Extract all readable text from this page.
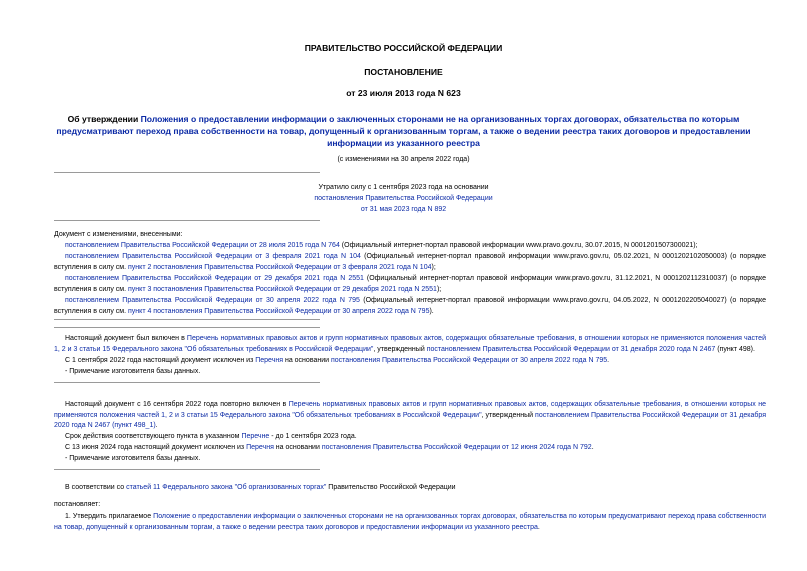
ПРАВИТЕЛЬСТВО РОССИЙСКОЙ ФЕДЕРАЦИИ
ПОСТАНОВЛЕНИЕ
от 23 июля 2013 года N 623
Об утверждении Положения о предоставлении информации о заключенных сторонами не на организованных торгах договорах, обязательства по которым предусматривают переход права собственности на товар, допущенный к организованным торгам, а также о ведении реестра таких договоров и предоставлении информации из указанного реестра
(с изменениями на 30 апреля 2022 года)
Утратило силу с 1 сентября 2023 года на основании
постановления Правительства Российской Федерации
от 31 мая 2023 года N 892
Документ с изменениями, внесенными:
постановлением Правительства Российской Федерации от 28 июля 2015 года N 764 (Официальный интернет-портал правовой информации www.pravo.gov.ru, 30.07.2015, N 0001201507300021);
постановлением Правительства Российской Федерации от 3 февраля 2021 года N 104 (Официальный интернет-портал правовой информации www.pravo.gov.ru, 05.02.2021, N 0001202102050003) (о порядке вступления в силу см. пункт 2 постановления Правительства Российской Федерации от 3 февраля 2021 года N 104);
постановлением Правительства Российской Федерации от 29 декабря 2021 года N 2551 (Официальный интернет-портал правовой информации www.pravo.gov.ru, 31.12.2021, N 0001202112310037) (о порядке вступления в силу см. пункт 3 постановления Правительства Российской Федерации от 29 декабря 2021 года N 2551);
постановлением Правительства Российской Федерации от 30 апреля 2022 года N 795 (Официальный интернет-портал правовой информации www.pravo.gov.ru, 04.05.2022, N 0001202205040027) (о порядке вступления в силу см. пункт 4 постановления Правительства Российской Федерации от 30 апреля 2022 года N 795).
Настоящий документ был включен в Перечень нормативных правовых актов и групп нормативных правовых актов, содержащих обязательные требования, в отношении которых не применяются положения частей 1, 2 и 3 статьи 15 Федерального закона "Об обязательных требованиях в Российской Федерации", утвержденный постановлением Правительства Российской Федерации от 31 декабря 2020 года N 2467 (пункт 498).
С 1 сентября 2022 года настоящий документ исключен из Перечня на основании постановления Правительства Российской Федерации от 30 апреля 2022 года N 795.
- Примечание изготовителя базы данных.
Настоящий документ с 16 сентября 2022 года повторно включен в Перечень нормативных правовых актов и групп нормативных правовых актов, содержащих обязательные требования, в отношении которых не применяются положения частей 1, 2 и 3 статьи 15 Федерального закона "Об обязательных требованиях в Российской Федерации", утвержденный постановлением Правительства Российской Федерации от 31 декабря 2020 года N 2467 (пункт 498_1).
Срок действия соответствующего пункта в указанном Перечне - до 1 сентября 2023 года.
С 13 июня 2024 года настоящий документ исключен из Перечня на основании постановления Правительства Российской Федерации от 12 июня 2024 года N 792.
- Примечание изготовителя базы данных.
В соответствии со статьей 11 Федерального закона "Об организованных торгах" Правительство Российской Федерации
постановляет:
1. Утвердить прилагаемое Положение о предоставлении информации о заключенных сторонами не на организованных торгах договорах, обязательства по которым предусматривают переход права собственности на товар, допущенный к организованным торгам, а также о ведении реестра таких договоров и предоставлении информации из указанного реестра.
